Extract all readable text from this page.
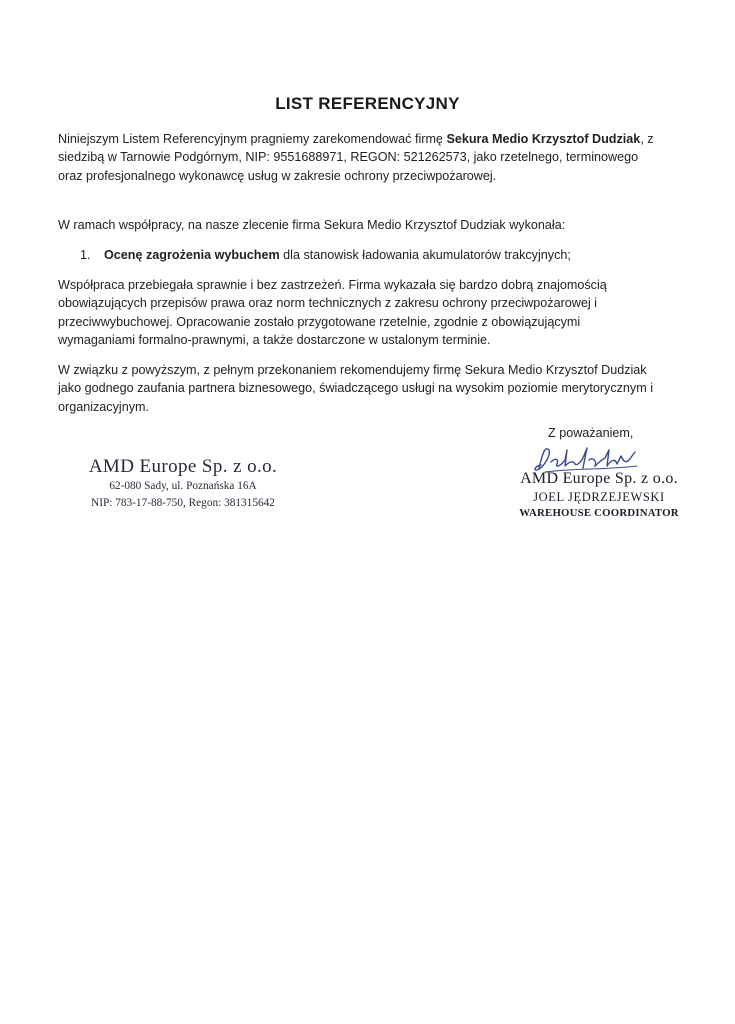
LIST REFERENCYJNY
Niniejszym Listem Referencyjnym pragniemy zarekomendować firmę Sekura Medio Krzysztof Dudziak, z siedzibą w Tarnowie Podgórnym, NIP: 9551688971, REGON: 521262573, jako rzetelnego, terminowego oraz profesjonalnego wykonawcę usług w zakresie ochrony przeciwpożarowej.
W ramach współpracy, na nasze zlecenie firma Sekura Medio Krzysztof Dudziak wykonała:
1. Ocenę zagrożenia wybuchem dla stanowisk ładowania akumulatorów trakcyjnych;
Współpraca przebiegała sprawnie i bez zastrzeżeń. Firma wykazała się bardzo dobrą znajomością obowiązujących przepisów prawa oraz norm technicznych z zakresu ochrony przeciwpożarowej i przeciwwybuchowej. Opracowanie zostało przygotowane rzetelnie, zgodnie z obowiązującymi wymaganiami formalno-prawnymi, a także dostarczone w ustalonym terminie.
W związku z powyższym, z pełnym przekonaniem rekomendujemy firmę Sekura Medio Krzysztof Dudziak jako godnego zaufania partnera biznesowego, świadczącego usługi na wysokim poziomie merytorycznym i organizacyjnym.
AMD Europe Sp. z o.o.
62-080 Sady, ul. Poznańska 16A
NIP: 783-17-88-750, Regon: 381315642
Z poważaniem,
AMD Europe Sp. z o.o.
JOEL JĘDRZEJEWSKI
WAREHOUSE COORDINATOR
